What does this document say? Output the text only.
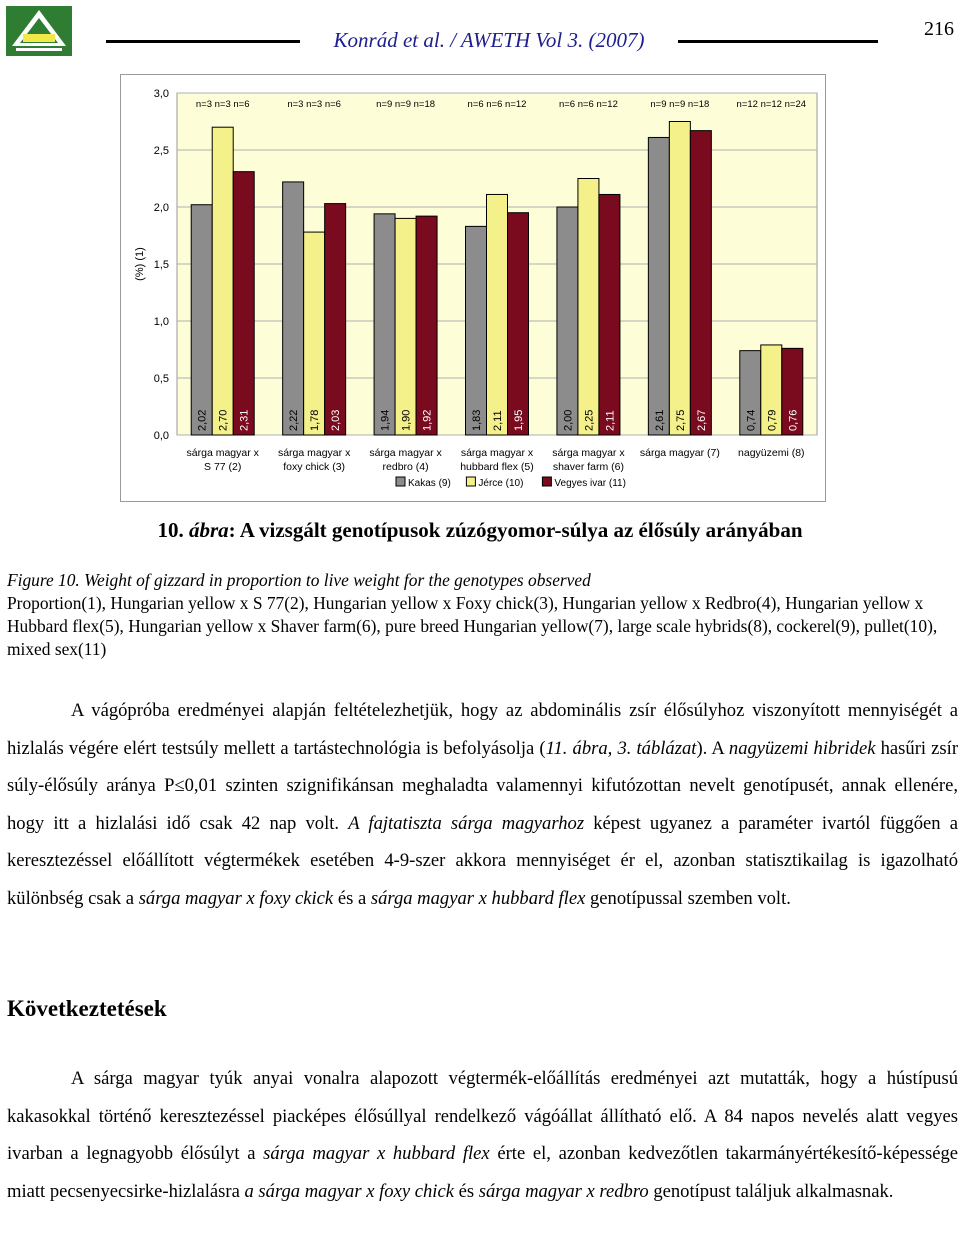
Konrád et al. / AWETH Vol 3. (2007)	216
0,0
0,5
1,0
1,5
2,0
2,5
3,0
(%) (1)
2,02 2,70 2,31
n=3 n=3 n=6
sárga magyar x
S 77 (2)
2,22 1,78 2,03
n=3 n=3 n=6
sárga magyar x
foxy chick (3)
1,94 1,90 1,92
n=9 n=9 n=18
sárga magyar x
redbro (4)
1,83 2,11 1,95
n=6 n=6 n=12
sárga magyar x
hubbard flex (5)
2,00 2,25 2,11
n=6 n=6 n=12
sárga magyar x
shaver farm (6)
2,61 2,75 2,67
n=9 n=9 n=18
sárga magyar (7)
0,74 0,79 0,76
n=12 n=12 n=24
nagyüzemi (8)
Kakas (9)	Jérce (10)	Vegyes ivar (11)
10. ábra: A vizsgált genotípusok zúzógyomor-súlya az élősúly arányában
Figure 10. Weight of gizzard in proportion to live weight for the genotypes observed
Proportion(1), Hungarian yellow x S 77(2), Hungarian yellow x Foxy chick(3), Hungarian yellow x Redbro(4), Hungarian yellow x Hubbard flex(5), Hungarian yellow x Shaver farm(6), pure breed Hungarian yellow(7), large scale hybrids(8), cockerel(9), pullet(10), mixed sex(11)
A vágópróba eredményei alapján feltételezhetjük, hogy az abdominális zsír élősúlyhoz viszonyított mennyiségét a hizlalás végére elért testsúly mellett a tartástechnológia is befolyásolja (11. ábra, 3. táblázat). A nagyüzemi hibridek hasűri zsír súly-élősúly aránya P≤0,01 szinten szignifikánsan meghaladta valamennyi kifutózottan nevelt genotípusét, annak ellenére, hogy itt a hizlalási idő csak 42 nap volt. A fajtatiszta sárga magyarhoz képest ugyanez a paraméter ivartól függően a keresztezéssel előállított végtermékek esetében 4-9-szer akkora mennyiséget ér el, azonban statisztikailag is igazolható különbség csak a sárga magyar x foxy ckick és a sárga magyar x hubbard flex genotípussal szemben volt.
Következtetések
A sárga magyar tyúk anyai vonalra alapozott végtermék-előállítás eredményei azt mutatták, hogy a hústípusú kakasokkal történő keresztezéssel piacképes élősúllyal rendelkező vágóállat állítható elő. A 84 napos nevelés alatt vegyes ivarban a legnagyobb élősúlyt a sárga magyar x hubbard flex érte el, azonban kedvezőtlen takarmányértékesítő-képessége miatt pecsenyecsirke-hizlalásra a sárga magyar x foxy chick és sárga magyar x redbro genotípust találjuk alkalmasnak.
